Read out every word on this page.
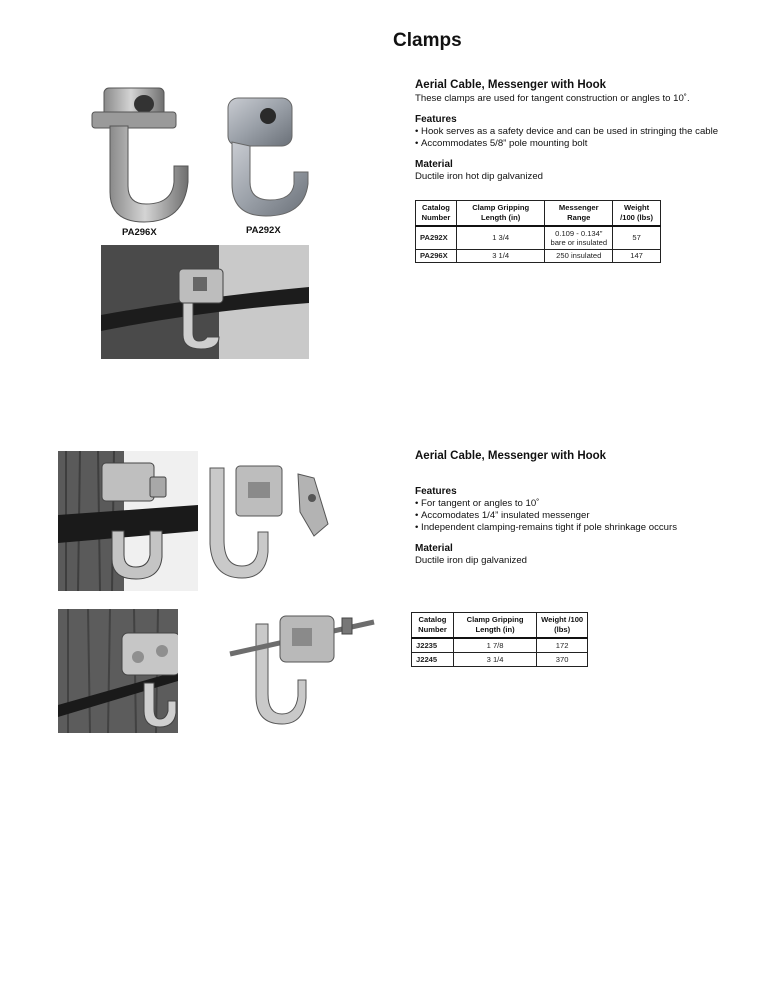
Clamps
Aerial Cable, Messenger with Hook

These clamps are used for tangent construction or angles to 10˚.

Features
• Hook serves as a safety device and can be used in stringing the cable
• Accommodates 5/8” pole mounting bolt
Material

Ductile iron hot dip galvanized

Catalog Number	Clamp Gripping Length (in)	Messenger Range	Weight /100 (lbs)
PA292X	1 3/4	0.109 - 0.134”
bare or insulated	57
PA296X	3 1/4	250 insulated	147
PA296X	PA292X
Aerial Cable, Messenger with Hook
Features
• For tangent or angles to 10˚
• Accomodates 1/4” insulated messenger
• Independent clamping-remains tight if pole shrinkage occurs
Material

Ductile iron dip galvanized

Catalog Number	Clamp Gripping Length (in)	Weight /100 (lbs)
J2235	1 7/8	172
J2245	3 1/4	370
